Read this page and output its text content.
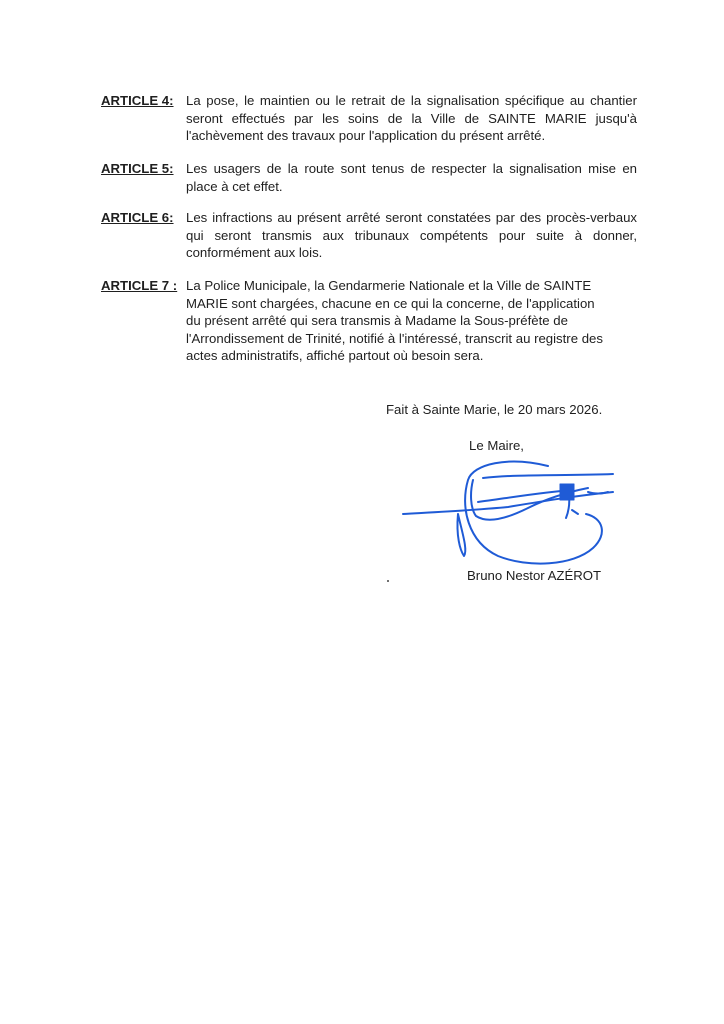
ARTICLE 4: La pose, le maintien ou le retrait de la signalisation spécifique au chantier seront effectués par les soins de la Ville de SAINTE MARIE jusqu'à l'achèvement des travaux pour l'application du présent arrêté.
ARTICLE 5: Les usagers de la route sont tenus de respecter la signalisation mise en place à cet effet.
ARTICLE 6: Les infractions au présent arrêté seront constatées par des procès-verbaux qui seront transmis aux tribunaux compétents pour suite à donner, conformément aux lois.
ARTICLE 7 : La Police Municipale, la Gendarmerie Nationale et la Ville de SAINTE MARIE sont chargées, chacune en ce qui la concerne, de l'application du présent arrêté qui sera transmis à Madame la Sous-préfète de l'Arrondissement de Trinité, notifié à l'intéressé, transcrit au registre des actes administratifs, affiché partout où besoin sera.
Fait à Sainte Marie, le 20 mars 2026.
Le Maire,
Bruno Nestor AZÉROT
